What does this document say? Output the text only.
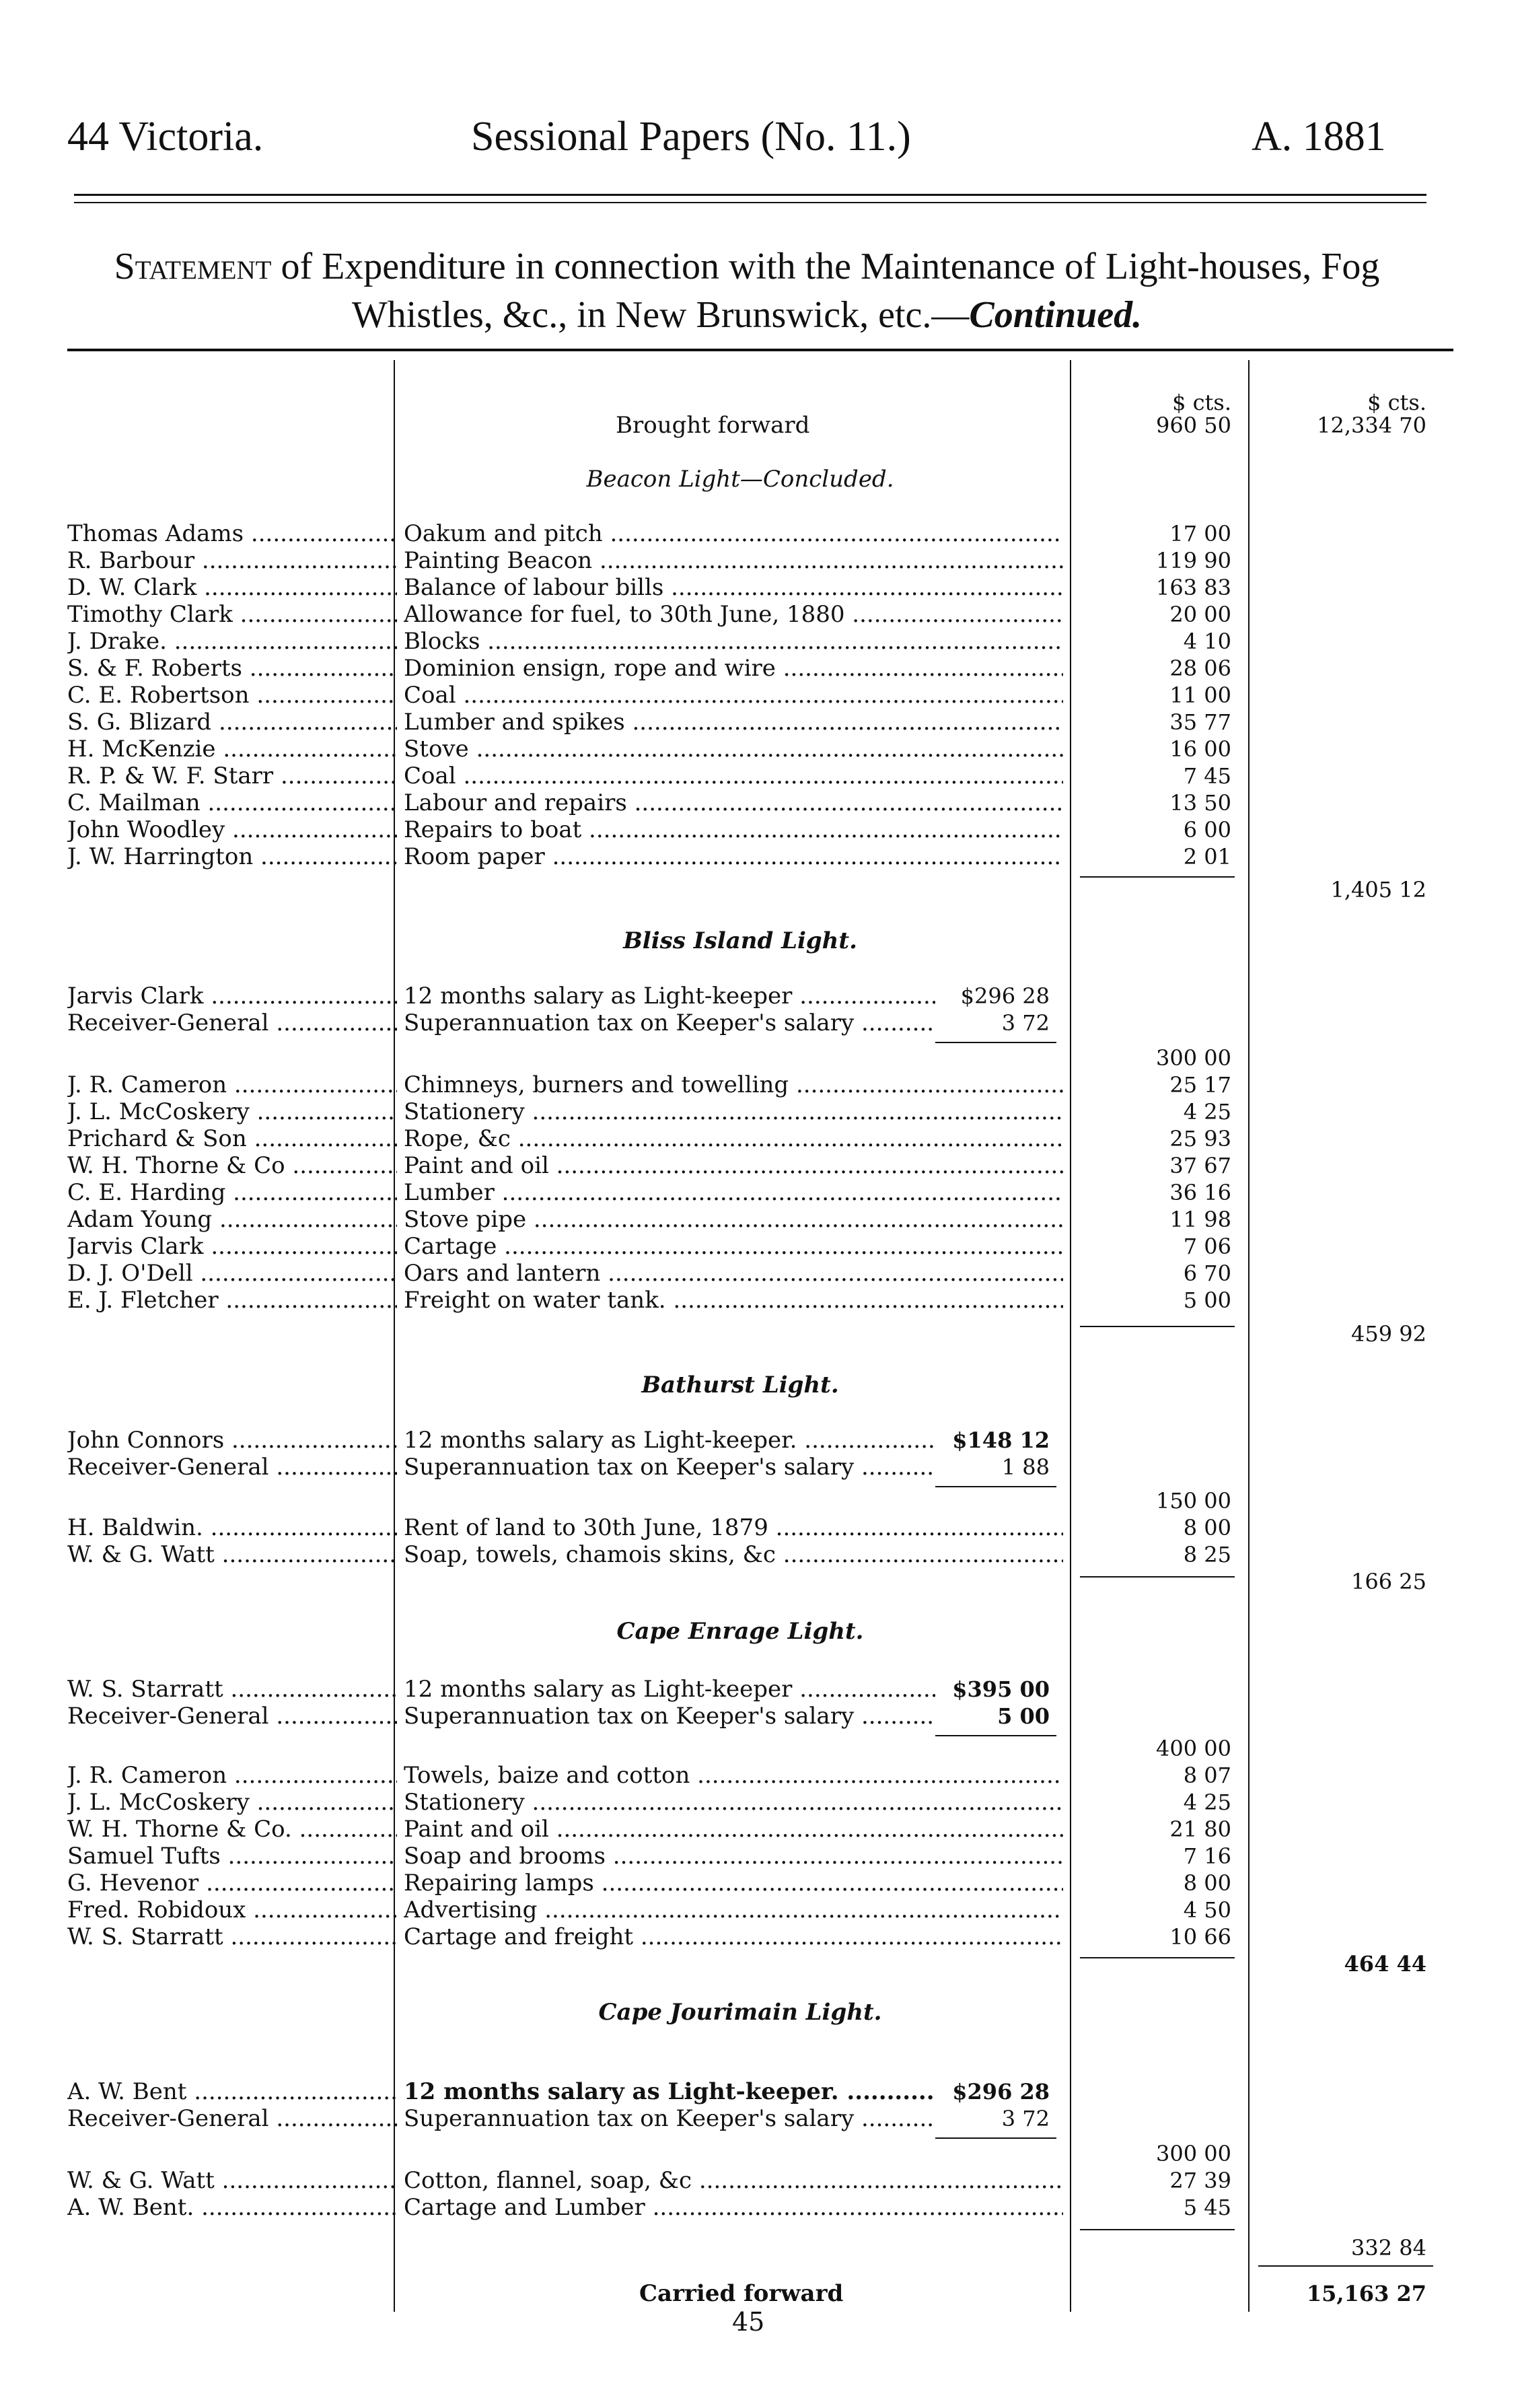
44 Victoria.	Sessional Papers (No. 11.)	A. 1881
Statement of Expenditure in connection with the Maintenance of Light-houses, Fog Whistles, &c., in New Brunswick, etc.—Continued.
$ cts.	$ cts.
Brought forward	960 50	12,334 70
Beacon Light—Concluded.
Thomas Adams .....	Oakum and pitch .....	17 00
R. Barbour .....	Painting Beacon .....	119 90
D. W. Clark .....	Balance of labour bills .....	163 83
Timothy Clark .....	Allowance for fuel, to 30th June, 1880 .....	20 00
J. Drake. .....	Blocks .....	4 10
S. & F. Roberts .....	Dominion ensign, rope and wire .....	28 06
C. E. Robertson .....	Coal .....	11 00
S. G. Blizard .....	Lumber and spikes .....	35 77
H. McKenzie .....	Stove .....	16 00
R. P. & W. F. Starr .....	Coal .....	7 45
C. Mailman .....	Labour and repairs .....	13 50
John Woodley .....	Repairs to boat .....	6 00
J. W. Harrington .....	Room paper .....	2 01
1,405 12
Bliss Island Light.
Jarvis Clark .....	12 months salary as Light-keeper .....	$296 28
Receiver-General .....	Superannuation tax on Keeper's salary .....	3 72
300 00
J. R. Cameron .....	Chimneys, burners and towelling .....	25 17
J. L. McCoskery .....	Stationery .....	4 25
Prichard & Son .....	Rope, &c .....	25 93
W. H. Thorne & Co .....	Paint and oil .....	37 67
C. E. Harding .....	Lumber .....	36 16
Adam Young .....	Stove pipe .....	11 98
Jarvis Clark .....	Cartage .....	7 06
D. J. O'Dell .....	Oars and lantern .....	6 70
E. J. Fletcher .....	Freight on water tank. .....	5 00
459 92
Bathurst Light.
John Connors .....	12 months salary as Light-keeper. .....	$148 12
Receiver-General .....	Superannuation tax on Keeper's salary .....	1 88
150 00
H. Baldwin. .....	Rent of land to 30th June, 1879 .....	8 00
W. & G. Watt .....	Soap, towels, chamois skins, &c .....	8 25
166 25
Cape Enrage Light.
W. S. Starratt .....	12 months salary as Light-keeper .....	$395 00
Receiver-General .....	Superannuation tax on Keeper's salary .....	5 00
400 00
J. R. Cameron .....	Towels, baize and cotton .....	8 07
J. L. McCoskery .....	Stationery .....	4 25
W. H. Thorne & Co. .....	Paint and oil .....	21 80
Samuel Tufts .....	Soap and brooms .....	7 16
G. Hevenor .....	Repairing lamps .....	8 00
Fred. Robidoux .....	Advertising .....	4 50
W. S. Starratt .....	Cartage and freight .....	10 66
464 44
Cape Jourimain Light.
A. W. Bent .....	12 months salary as Light-keeper. .....	$296 28
Receiver-General .....	Superannuation tax on Keeper's salary .....	3 72
300 00
W. & G. Watt .....	Cotton, flannel, soap, &c .....	27 39
A. W. Bent. .....	Cartage and Lumber .....	5 45
332 84
Carried forward	15,163 27
45
